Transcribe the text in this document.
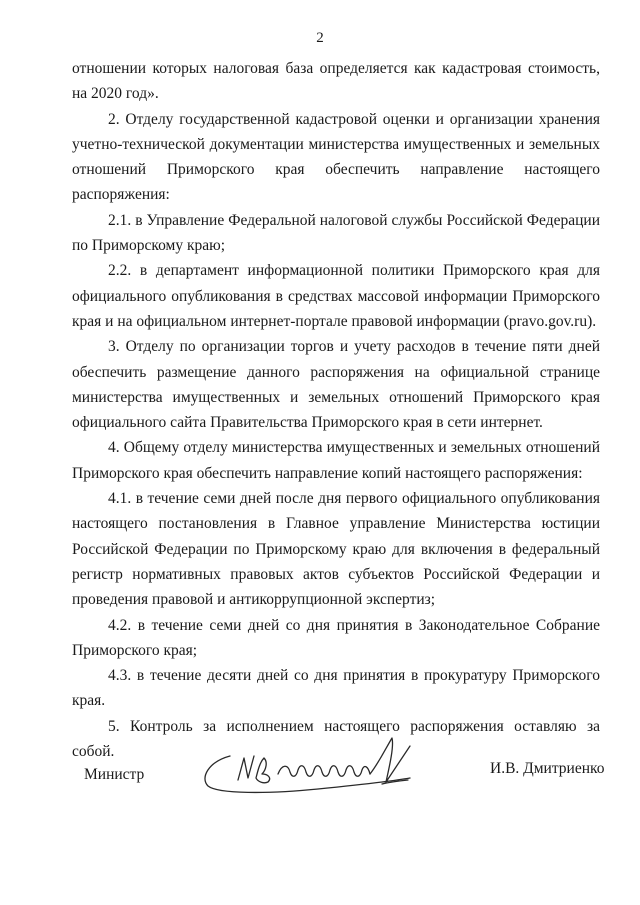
2

отношении которых налоговая база определяется как кадастровая стоимость, на 2020 год».

2. Отделу государственной кадастровой оценки и организации хранения учетно-технической документации министерства имущественных и земельных отношений Приморского края обеспечить направление настоящего распоряжения:

2.1. в Управление Федеральной налоговой службы Российской Федерации по Приморскому краю;

2.2. в департамент информационной политики Приморского края для официального опубликования в средствах массовой информации Приморского края и на официальном интернет-портале правовой информации (pravo.gov.ru).

3. Отделу по организации торгов и учету расходов в течение пяти дней обеспечить размещение данного распоряжения на официальной странице министерства имущественных и земельных отношений Приморского края официального сайта Правительства Приморского края в сети интернет.

4. Общему отделу министерства имущественных и земельных отношений Приморского края обеспечить направление копий настоящего распоряжения:

4.1. в течение семи дней после дня первого официального опубликования настоящего постановления в Главное управление Министерства юстиции Российской Федерации по Приморскому краю для включения в федеральный регистр нормативных правовых актов субъектов Российской Федерации и проведения правовой и антикоррупционной экспертиз;

4.2. в течение семи дней со дня принятия в Законодательное Собрание Приморского края;

4.3. в течение десяти дней со дня принятия в прокуратуру Приморского края.

5. Контроль за исполнением настоящего распоряжения оставляю за собой.

Министр	И.В. Дмитриенко
